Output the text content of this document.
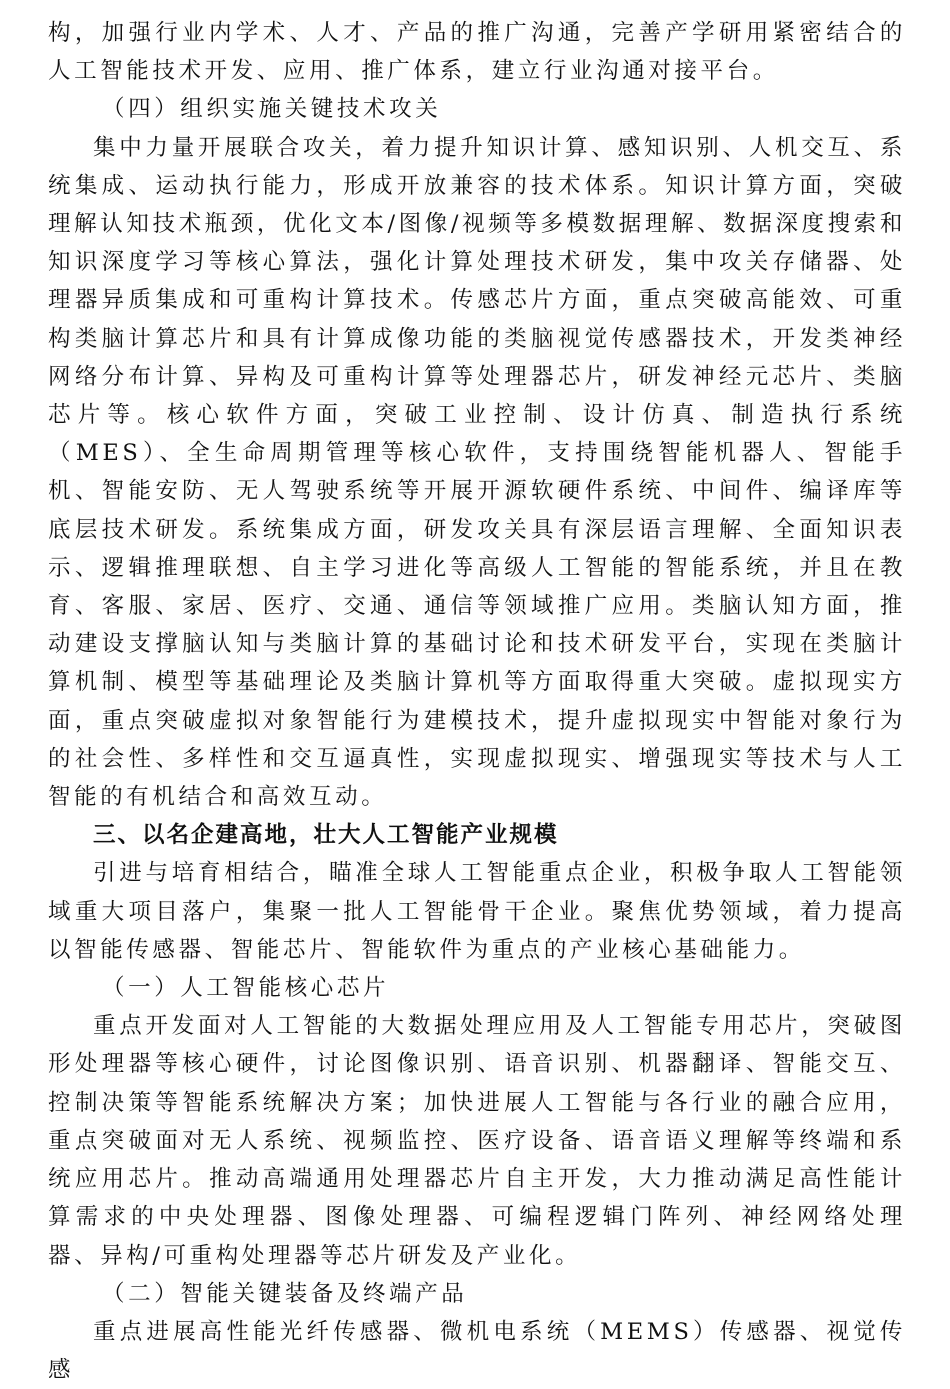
构，加强行业内学术、人才、产品的推广沟通，完善产学研用紧密结合的人工智能技术开发、应用、推广体系，建立行业沟通对接平台。

（四）组织实施关键技术攻关

集中力量开展联合攻关，着力提升知识计算、感知识别、人机交互、系统集成、运动执行能力，形成开放兼容的技术体系。知识计算方面，突破理解认知技术瓶颈，优化文本/图像/视频等多模数据理解、数据深度搜索和知识深度学习等核心算法，强化计算处理技术研发，集中攻关存储器、处理器异质集成和可重构计算技术。传感芯片方面，重点突破高能效、可重构类脑计算芯片和具有计算成像功能的类脑视觉传感器技术，开发类神经网络分布计算、异构及可重构计算等处理器芯片，研发神经元芯片、类脑芯片等。核心软件方面，突破工业控制、设计仿真、制造执行系统（MES）、全生命周期管理等核心软件，支持围绕智能机器人、智能手机、智能安防、无人驾驶系统等开展开源软硬件系统、中间件、编译库等底层技术研发。系统集成方面，研发攻关具有深层语言理解、全面知识表示、逻辑推理联想、自主学习进化等高级人工智能的智能系统，并且在教育、客服、家居、医疗、交通、通信等领域推广应用。类脑认知方面，推动建设支撑脑认知与类脑计算的基础讨论和技术研发平台，实现在类脑计算机制、模型等基础理论及类脑计算机等方面取得重大突破。虚拟现实方面，重点突破虚拟对象智能行为建模技术，提升虚拟现实中智能对象行为的社会性、多样性和交互逼真性，实现虚拟现实、增强现实等技术与人工智能的有机结合和高效互动。

三、以名企建高地，壮大人工智能产业规模

引进与培育相结合，瞄准全球人工智能重点企业，积极争取人工智能领域重大项目落户，集聚一批人工智能骨干企业。聚焦优势领域，着力提高以智能传感器、智能芯片、智能软件为重点的产业核心基础能力。

（一）人工智能核心芯片

重点开发面对人工智能的大数据处理应用及人工智能专用芯片，突破图形处理器等核心硬件，讨论图像识别、语音识别、机器翻译、智能交互、控制决策等智能系统解决方案；加快进展人工智能与各行业的融合应用，重点突破面对无人系统、视频监控、医疗设备、语音语义理解等终端和系统应用芯片。推动高端通用处理器芯片自主开发，大力推动满足高性能计算需求的中央处理器、图像处理器、可编程逻辑门阵列、神经网络处理器、异构/可重构处理器等芯片研发及产业化。

（二）智能关键装备及终端产品

重点进展高性能光纤传感器、微机电系统（MEMS）传感器、视觉传感
